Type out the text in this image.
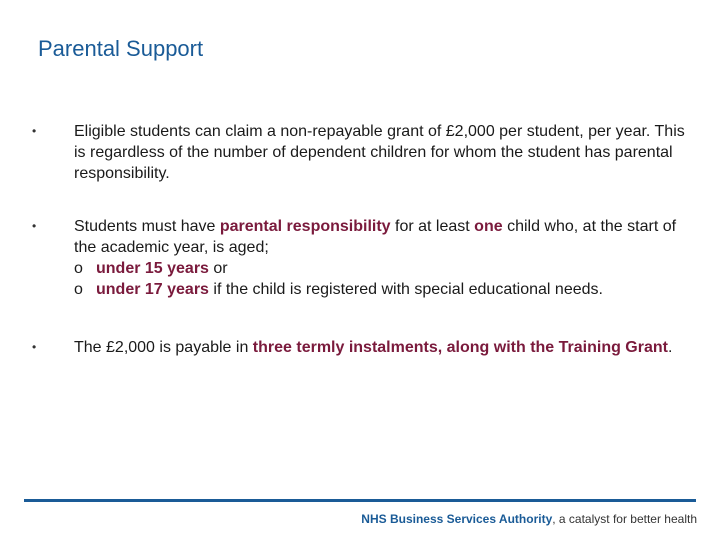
Parental Support
• Eligible students can claim a non-repayable grant of £2,000 per student, per year. This is regardless of the number of dependent children for whom the student has parental responsibility.
• Students must have parental responsibility for at least one child who, at the start of the academic year, is aged;
o under 15 years or
o under 17 years if the child is registered with special educational needs.
• The £2,000 is payable in three termly instalments, along with the Training Grant.
NHS Business Services Authority, a catalyst for better health
